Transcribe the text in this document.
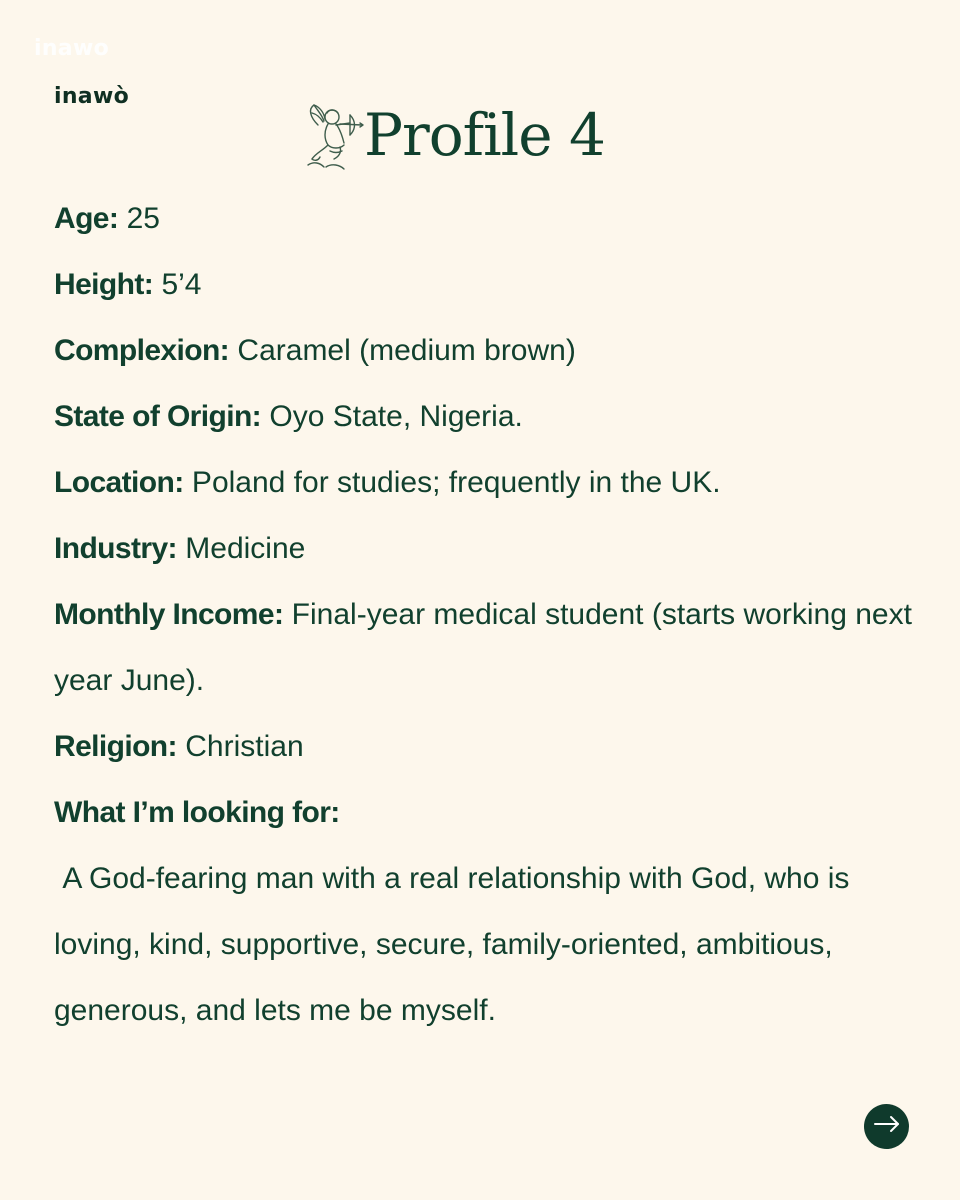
inawo
inawò
Profile 4

Age: 25

Height: 5’4

Complexion: Caramel (medium brown)

State of Origin: Oyo State, Nigeria.

Location: Poland for studies; frequently in the UK.

Industry: Medicine

Monthly Income: Final-year medical student (starts working next year June).

Religion: Christian

What I’m looking for:

A God-fearing man with a real relationship with God, who is loving, kind, supportive, secure, family-oriented, ambitious, generous, and lets me be myself.
